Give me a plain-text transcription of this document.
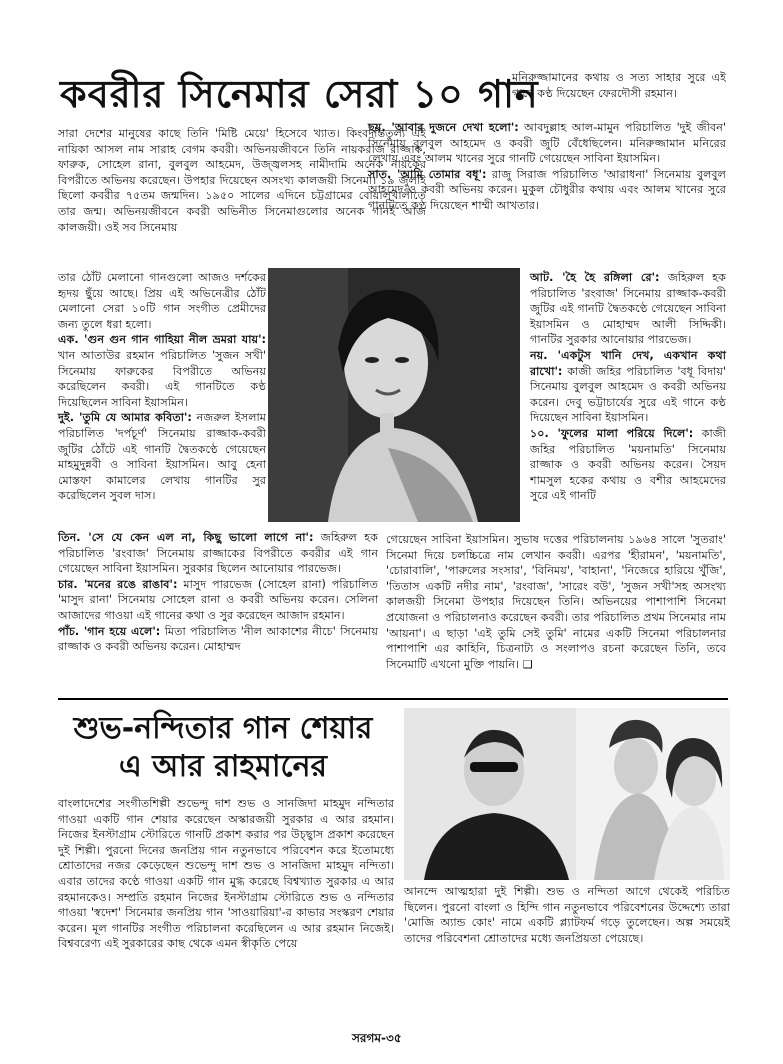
কবরীর সিনেমার সেরা ১০ গান

সারা দেশের মানুষের কাছে তিনি 'মিষ্টি মেয়ে' হিসেবে খ্যাত। কিংবদন্তিতুল্য এই নায়িকা আসল নাম সারাহ বেগম কবরী। অভিনয়জীবনে তিনি নায়করাজ রাজ্জাক, ফারুক, সোহেল রানা, বুলবুল আহমেদ, উজ্জ্বলসহ নামীদামি অনেক নায়কের বিপরীতে অভিনয় করেছেন। উপহার দিয়েছেন অসংখ্য কালজয়ী সিনেমা। ১৯ জুলাই ছিলো কবরীর ৭৫তম জন্মদিন। ১৯৫০ সালের এদিনে চট্টগ্রামের বোয়ালখালীতে তার জন্ম। অভিনয়জীবনে কবরী অভিনীত সিনেমাগুলোর অনেক গানই আজ কালজয়ী। ওই সব সিনেমায়

তার ঠোঁট মেলানো গানগুলো আজও দর্শকের হৃদয় ছুঁয়ে আছে। প্রিয় এই অভিনেত্রীর ঠোঁট মেলানো সেরা ১০টি গান সংগীত প্রেমীদের জন্য তুলে ধরা হলো।

এক. 'গুন গুন গান গাহিয়া নীল ভ্রমরা যায়': খান আতাউর রহমান পরিচালিত 'সুজন সখী' সিনেমায় ফারুকের বিপরীতে অভিনয় করেছিলেন কবরী। এই গানটিতে কণ্ঠ দিয়েছিলেন সাবিনা ইয়াসমিন।

দুই. 'তুমি যে আমার কবিতা': নজরুল ইসলাম পরিচালিত 'দর্পচূর্ণ' সিনেমায় রাজ্জাক-কবরী জুটির ঠোঁটে এই গানটি দ্বৈতকণ্ঠে গেয়েছেন মাহমুদুন্নবী ও সাবিনা ইয়াসমিন। আবু হেনা মোস্তফা কামালের লেখায় গানটির সুর করেছিলেন সুবল দাস।

তিন. 'সে যে কেন এল না, কিছু ভালো লাগে না': জহিরুল হক পরিচালিত 'রংবাজ' সিনেমায় রাজ্জাকের বিপরীতে কবরীর এই গান গেয়েছেন সাবিনা ইয়াসমিন। সুরকার ছিলেন আনোয়ার পারভেজ।

চার. 'মনের রঙে রাঙাব': মাসুদ পারভেজ (সোহেল রানা) পরিচালিত 'মাসুদ রানা' সিনেমায় সোহেল রানা ও কবরী অভিনয় করেন। সেলিনা আজাদের গাওয়া এই গানের কথা ও সুর করেছেন আজাদ রহমান।

পাঁচ. 'গান হয়ে এলে': মিতা পরিচালিত 'নীল আকাশের নীচে' সিনেমায় রাজ্জাক ও কবরী অভিনয় করেন। মোহাম্মদ

মনিরুজ্জামানের কথায় ও সত্য সাহার সুরে এই গানে কণ্ঠ দিয়েছেন ফেরদৌসী রহমান।

ছয়. 'আবার দুজনে দেখা হলো': আবদুল্লাহ আল-মামুন পরিচালিত 'দুই জীবন' সিনেমায় বুলবুল আহমেদ ও কবরী জুটি বেঁধেছিলেন। মনিরুজ্জামান মনিরের লেখায় এবং আলম খানের সুরে গানটি গেয়েছেন সাবিনা ইয়াসমিন।

সাত. 'আমি তোমার বধূ': রাজু সিরাজ পরিচালিত 'আরাধনা' সিনেমায় বুলবুল আহমেদ ও কবরী অভিনয় করেন। মুকুল চৌধুরীর কথায় এবং আলম খানের সুরে গানটিতে কণ্ঠ দিয়েছেন শাম্মী আখতার।

আট. 'হৈ হৈ রঙ্গিলা রে': জহিরুল হক পরিচালিত 'রংবাজ' সিনেমায় রাজ্জাক-কবরী জুটির এই গানটি দ্বৈতকণ্ঠে গেয়েছেন সাবিনা ইয়াসমিন ও মোহাম্মদ আলী সিদ্দিকী। গানটির সুরকার আনোয়ার পারভেজ।

নয়. 'একটুস খানি দেখ, একখান কথা রাখো': কাজী জহির পরিচালিত 'বধূ বিদায়' সিনেমায় বুলবুল আহমেদ ও কবরী অভিনয় করেন। দেবু ভট্টাচার্যের সুরে এই গানে কণ্ঠ দিয়েছেন সাবিনা ইয়াসমিন।

১০. 'ফুলের মালা পরিয়ে দিলে': কাজী জহির পরিচালিত 'ময়নামতি' সিনেমায় রাজ্জাক ও কবরী অভিনয় করেন। সৈয়দ শামসুল হকের কথায় ও বশীর আহমেদের সুরে এই গানটি

গেয়েছেন সাবিনা ইয়াসমিন। সুভাষ দত্তের পরিচালনায় ১৯৬৪ সালে 'সুতরাং' সিনেমা দিয়ে চলচ্চিত্রে নাম লেখান কবরী। এরপর 'হীরামন', 'ময়নামতি', 'চোরাবালি', 'পারুলের সংসার', 'বিনিময়', 'বাহানা', 'নিজেরে হারিয়ে খুঁজি', 'তিতাস একটি নদীর নাম', 'রংবাজ', 'সারেং বউ', 'সুজন সখী'সহ অসংখ্য কালজয়ী সিনেমা উপহার দিয়েছেন তিনি। অভিনয়ের পাশাপাশি সিনেমা প্রযোজনা ও পরিচালনাও করেছেন কবরী। তার পরিচালিত প্রথম সিনেমার নাম 'আয়না'। এ ছাড়া 'এই তুমি সেই তুমি' নামের একটি সিনেমা পরিচালনার পাশাপাশি এর কাহিনি, চিত্রনাট্য ও সংলাপও রচনা করেছেন তিনি, তবে সিনেমাটি এখনো মুক্তি পায়নি। ❑

শুভ-নন্দিতার গান শেয়ার
এ আর রাহমানের
বাংলাদেশের সংগীতশিল্পী শুভেন্দু দাশ শুভ ও সানজিদা মাহমুদ নন্দিতার গাওয়া একটি গান শেয়ার করেছেন অস্কারজয়ী সুরকার এ আর রহমান। নিজের ইনস্টাগ্রাম স্টোরিতে গানটি প্রকাশ করার পর উচ্ছ্বাস প্রকাশ করেছেন দুই শিল্পী। পুরনো দিনের জনপ্রিয় গান নতুনভাবে পরিবেশন করে ইতোমধ্যে শ্রোতাদের নজর কেড়েছেন শুভেন্দু দাশ শুভ ও সানজিদা মাহমুদ নন্দিতা। এবার তাদের কণ্ঠে গাওয়া একটি গান মুগ্ধ করেছে বিশ্বখ্যাত সুরকার এ আর রহমানকেও। সম্প্রতি রহমান নিজের ইনস্টাগ্রাম স্টোরিতে শুভ ও নন্দিতার গাওয়া 'স্বদেশ' সিনেমার জনপ্রিয় গান 'সাওয়ারিয়া'-র কাভার সংস্করণ শেয়ার করেন। মূল গানটির সংগীত পরিচালনা করেছিলেন এ আর রহমান নিজেই। বিশ্ববরেণ্য এই সুরকারের কাছ থেকে এমন স্বীকৃতি পেয়ে
আনন্দে আত্মহারা দুই শিল্পী। শুভ ও নন্দিতা আগে থেকেই পরিচিত ছিলেন। পুরনো বাংলা ও হিন্দি গান নতুনভাবে পরিবেশনের উদ্দেশ্যে তারা 'মোজি অ্যান্ড কোং' নামে একটি প্ল্যাটফর্ম গড়ে তুলেছেন। অল্প সময়েই তাদের পরিবেশনা শ্রোতাদের মধ্যে জনপ্রিয়তা পেয়েছে।
সরগম-৩৫
